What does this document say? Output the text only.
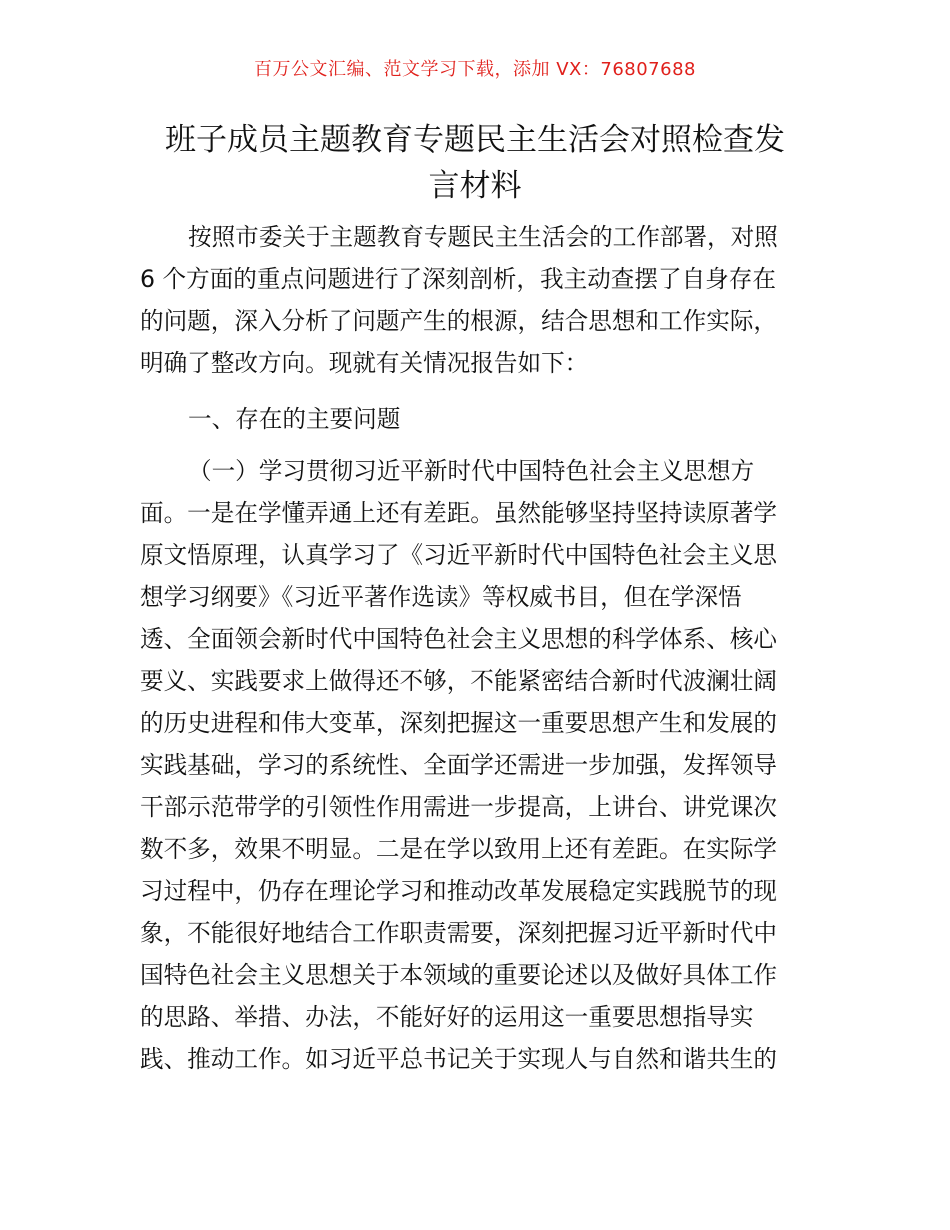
百万公文汇编、范文学习下载，添加 VX：76807688
班子成员主题教育专题民主生活会对照检查发
言材料
按照市委关于主题教育专题民主生活会的工作部署，对照
6 个方面的重点问题进行了深刻剖析，我主动查摆了自身存在
的问题，深入分析了问题产生的根源，结合思想和工作实际，
明确了整改方向。现就有关情况报告如下：
一、存在的主要问题
（一）学习贯彻习近平新时代中国特色社会主义思想方
面。一是在学懂弄通上还有差距。虽然能够坚持坚持读原著学
原文悟原理，认真学习了《习近平新时代中国特色社会主义思
想学习纲要》《习近平著作选读》等权威书目，但在学深悟
透、全面领会新时代中国特色社会主义思想的科学体系、核心
要义、实践要求上做得还不够，不能紧密结合新时代波澜壮阔
的历史进程和伟大变革，深刻把握这一重要思想产生和发展的
实践基础，学习的系统性、全面学还需进一步加强，发挥领导
干部示范带学的引领性作用需进一步提高，上讲台、讲党课次
数不多，效果不明显。二是在学以致用上还有差距。在实际学
习过程中，仍存在理论学习和推动改革发展稳定实践脱节的现
象，不能很好地结合工作职责需要，深刻把握习近平新时代中
国特色社会主义思想关于本领域的重要论述以及做好具体工作
的思路、举措、办法，不能好好的运用这一重要思想指导实
践、推动工作。如习近平总书记关于实现人与自然和谐共生的
